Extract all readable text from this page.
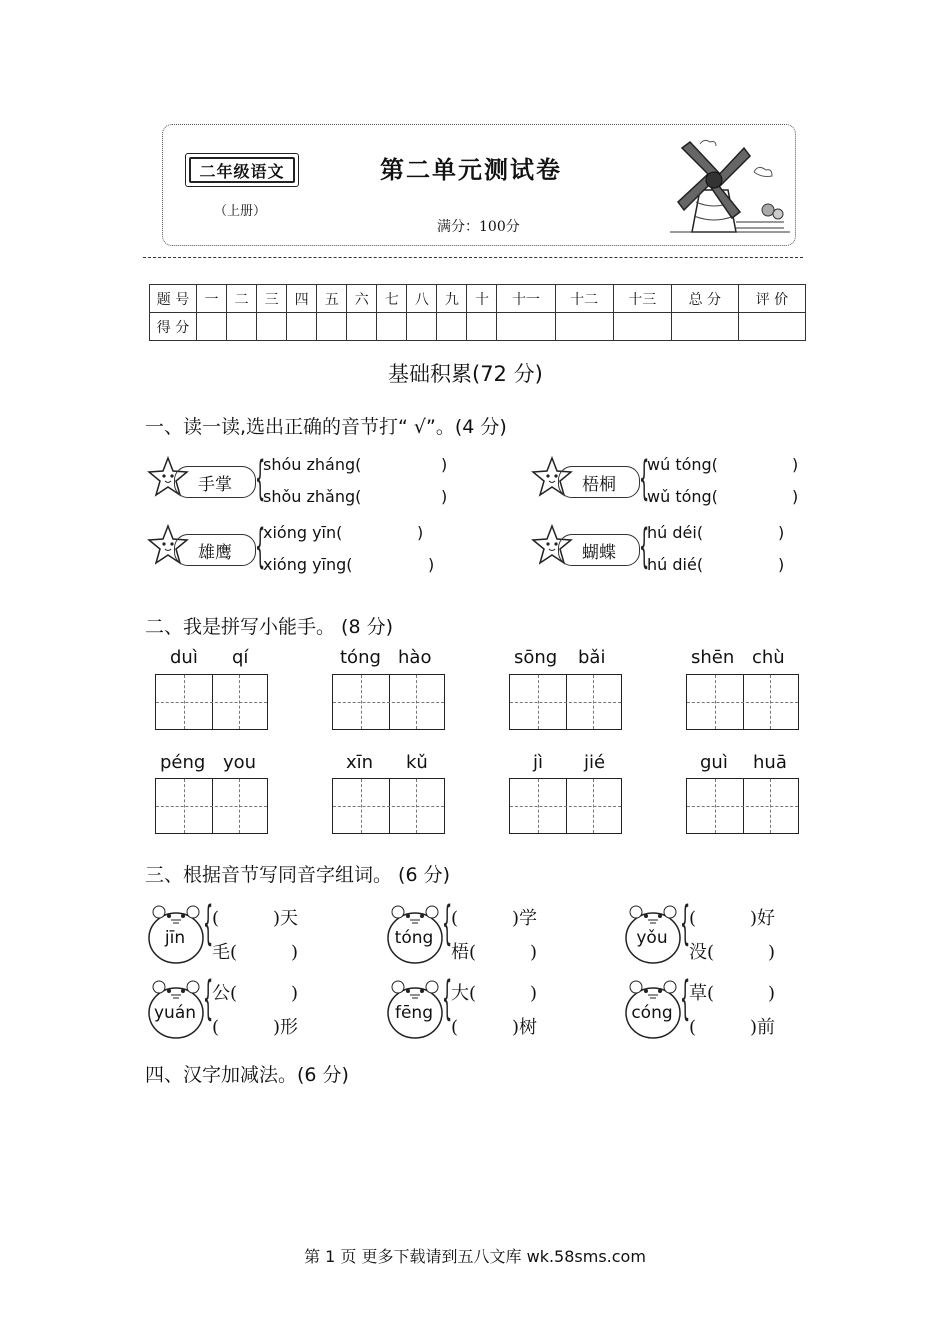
二年级语文
（上册）
第二单元测试卷
满分：100分
题 号	一	二	三	四	五	六	七	八	九	十	十一	十二	十三	总 分	评 价
得 分															
基础积累(72 分)
一、读一读,选出正确的音节打“ √”。(4 分)
手掌 {
shóu zháng(	)
shǒu zhǎng(	)
梧桐 {
wú tóng(	)
wǔ tóng(	)
雄鹰 {
xióng yīn(	)
xióng yīng(	)
蝴蝶 {
hú déi(	)
hú dié(	)
二、我是拼写小能手。 (8 分)
duì qí	tóng hào	sōng bǎi	shēn chù
péng you	xīn kǔ	jì jié	guì huā
三、根据音节写同音字组词。 (6 分)
jīn {
(　　　)天
毛(　　　)
tóng {
(　　　)学
梧(　　　)
yǒu {
(　　　)好
没(　　　)
yuán {
公(　　　)
(　　　)形
fēng {
大(　　　)
(　　　)树
cóng {
草(　　　)
(　　　)前
四、汉字加减法。(6 分)
第 1 页 更多下载请到五八文库 wk.58sms.com
